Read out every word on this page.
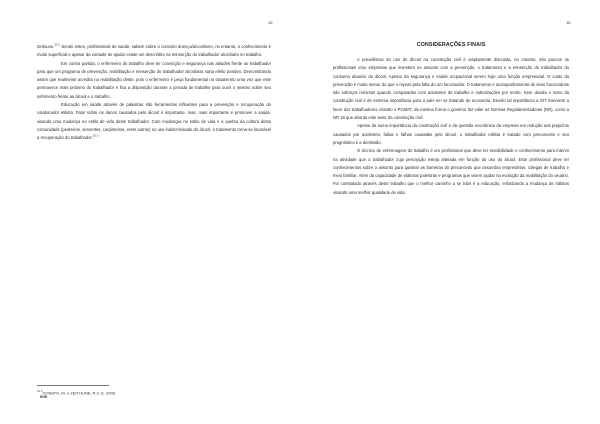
15

Zeitoune.$^{10 2}$ Sendo estes, profissionais de saúde, sabem sobre o conceito doença/alcoolismo, no entanto, o conhecimento é muito superficial e apesar da vontade de ajudar existe um descrédito na reinserção do trabalhador alcoólatra no trabalho.

Em contra partida, o enfermeiro do trabalho deve ter convicção e segurança nas atitudes frente ao trabalhador para que um programa de prevenção, reabilitação e reinserção do trabalhador alcoólatra surta efeito positivo. Demonstrando assim que realmente acredita na reabilitação deste, pois o enfermeiro é peça fundamental no tratamento uma vez que este permanece mais próximo do trabalhador e fica a disposição durante a jornada de trabalho para ouvir o mesmo sobre seu sofrimento frente ao álcool e o trabalho.

Educação em saúde através de palestras são ferramentas influentes para a prevenção e recuperação do colaborador etilista. Falar sobre os danos causados pelo álcool é importante, mas, mais importante é promover a saúde, visando uma mudança no estilo de vida deste trabalhador. Com mudanças no estilo de vida e a quebra da cultura desta comunidade (pedreiros, serventes, carpinteiros, entre outros) no uso indiscriminado do álcool, o tratamento torna-se favorável a recuperação do trabalhador.$^{10 3}$

$^{10 2}$DONATO, M. e ZEITOUNE, R.C.G. 2006
BHR
16
CONSIDERAÇÕES FINAIS

A prevalência do uso do álcool na construção civil é amplamente discutida, no entanto, são poucos os profissionais e/ou empresas que investem no assunto com a prevenção, o tratamento e a reinserção do trabalhador do consumo abusivo do álcool. Apesar da segurança e saúde ocupacional serem hoje uma função empresarial. O custo da prevenção é muito menor do que o reparo pela falta do um funcionário. O tratamento e acompanhamento de seus funcionários são esforços mínimos quando comparados com acidentes de trabalho e indenizações por morte. Sem dúvida o ramo da construção civil é de extrema importância para o país em se tratando de economia. Devido tal importância a OIT interviem a favor dos trabalhadores criando o PCMAT, da mesma forma o governo faz valer as Normas Regulamentadoras (NR), como a NR 18 que aborda este setor da construção civil.

Apesar da suma importância da construção civil e da questão econômica da empresa em redução aos prejuízos causados por acidentes, faltas e falhas causadas pelo álcool, o trabalhador etilista é tratado com preconceito e seu prognóstico é a demissão.

O técnico de enfermagem do trabalho é um profissional que deve ter sensibilidade e conhecimento para intervir na atividade que o trabalhador cuja percepção esteja alterada em função do uso do álcool. Este profissional deve ter conhecimentos sobre o assunto para quebrar as barreiras do preconceito que assombra empresários, colegas de trabalho e meio familiar. Além da capacidade de elaborar palestras e programas que visem ajudar na evolução da reabilitação do usuário. Foi constatado através deste trabalho que o melhor caminho a se trilar é a educação, enfatizando a mudança de hábitos visando uma melhor qualidade de vida.
